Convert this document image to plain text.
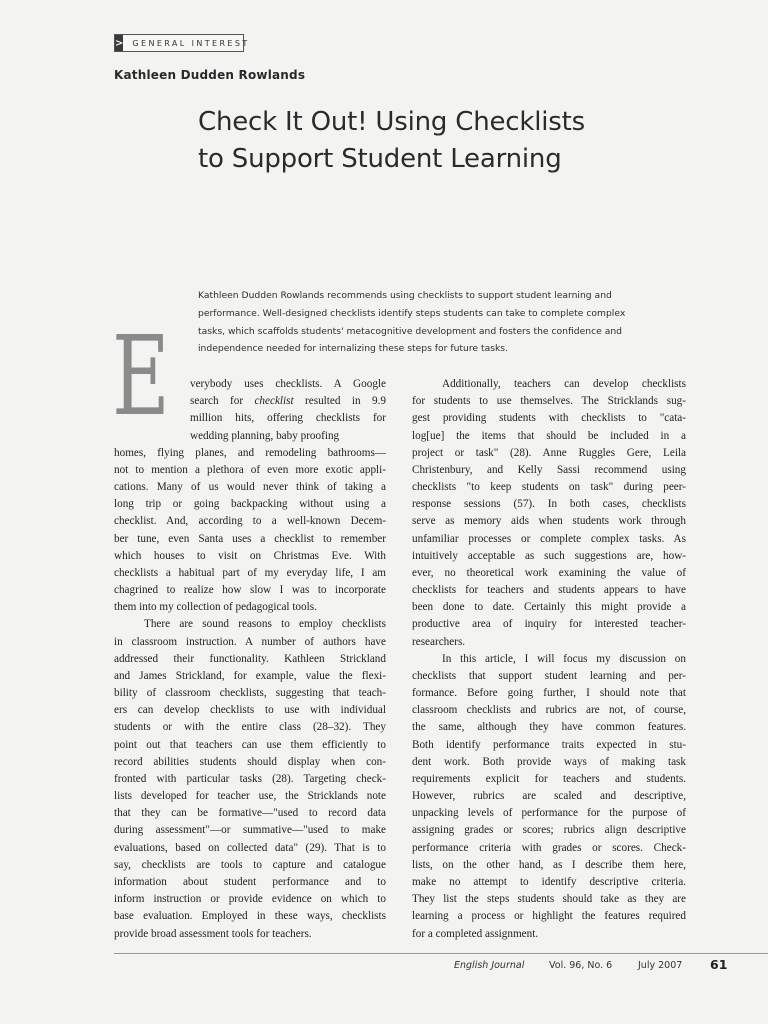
>	GENERAL INTEREST
Kathleen Dudden Rowlands
Check It Out! Using Checklists
to Support Student Learning

Kathleen Dudden Rowlands recommends using checklists to support student learning and
performance. Well-designed checklists identify steps students can take to complete complex
tasks, which scaffolds students' metacognitive development and fosters the confidence and
independence needed for internalizing these steps for future tasks.

E	verybody uses checklists. A Google
search for checklist resulted in 9.9
million hits, offering checklists for
wedding planning, baby proofing
homes, flying planes, and remodeling bathrooms—
not to mention a plethora of even more exotic appli-
cations. Many of us would never think of taking a
long trip or going backpacking without using a
checklist. And, according to a well-known Decem-
ber tune, even Santa uses a checklist to remember
which houses to visit on Christmas Eve. With
checklists a habitual part of my everyday life, I am
chagrined to realize how slow I was to incorporate
them into my collection of pedagogical tools.
There are sound reasons to employ checklists
in classroom instruction. A number of authors have
addressed their functionality. Kathleen Strickland
and James Strickland, for example, value the flexi-
bility of classroom checklists, suggesting that teach-
ers can develop checklists to use with individual
students or with the entire class (28–32). They
point out that teachers can use them efficiently to
record abilities students should display when con-
fronted with particular tasks (28). Targeting check-
lists developed for teacher use, the Stricklands note
that they can be formative—"used to record data
during assessment"—or summative—"used to make
evaluations, based on collected data" (29). That is to
say, checklists are tools to capture and catalogue
information about student performance and to
inform instruction or provide evidence on which to
base evaluation. Employed in these ways, checklists
provide broad assessment tools for teachers.
Additionally, teachers can develop checklists
for students to use themselves. The Stricklands sug-
gest providing students with checklists to "cata-
log[ue] the items that should be included in a
project or task" (28). Anne Ruggles Gere, Leila
Christenbury, and Kelly Sassi recommend using
checklists "to keep students on task" during peer-
response sessions (57). In both cases, checklists
serve as memory aids when students work through
unfamiliar processes or complete complex tasks. As
intuitively acceptable as such suggestions are, how-
ever, no theoretical work examining the value of
checklists for teachers and students appears to have
been done to date. Certainly this might provide a
productive area of inquiry for interested teacher-
researchers.
In this article, I will focus my discussion on
checklists that support student learning and per-
formance. Before going further, I should note that
classroom checklists and rubrics are not, of course,
the same, although they have common features.
Both identify performance traits expected in stu-
dent work. Both provide ways of making task
requirements explicit for teachers and students.
However, rubrics are scaled and descriptive,
unpacking levels of performance for the purpose of
assigning grades or scores; rubrics align descriptive
performance criteria with grades or scores. Check-
lists, on the other hand, as I describe them here,
make no attempt to identify descriptive criteria.
They list the steps students should take as they are
learning a process or highlight the features required
for a completed assignment.
English Journal	Vol. 96, No. 6	July 2007 61
